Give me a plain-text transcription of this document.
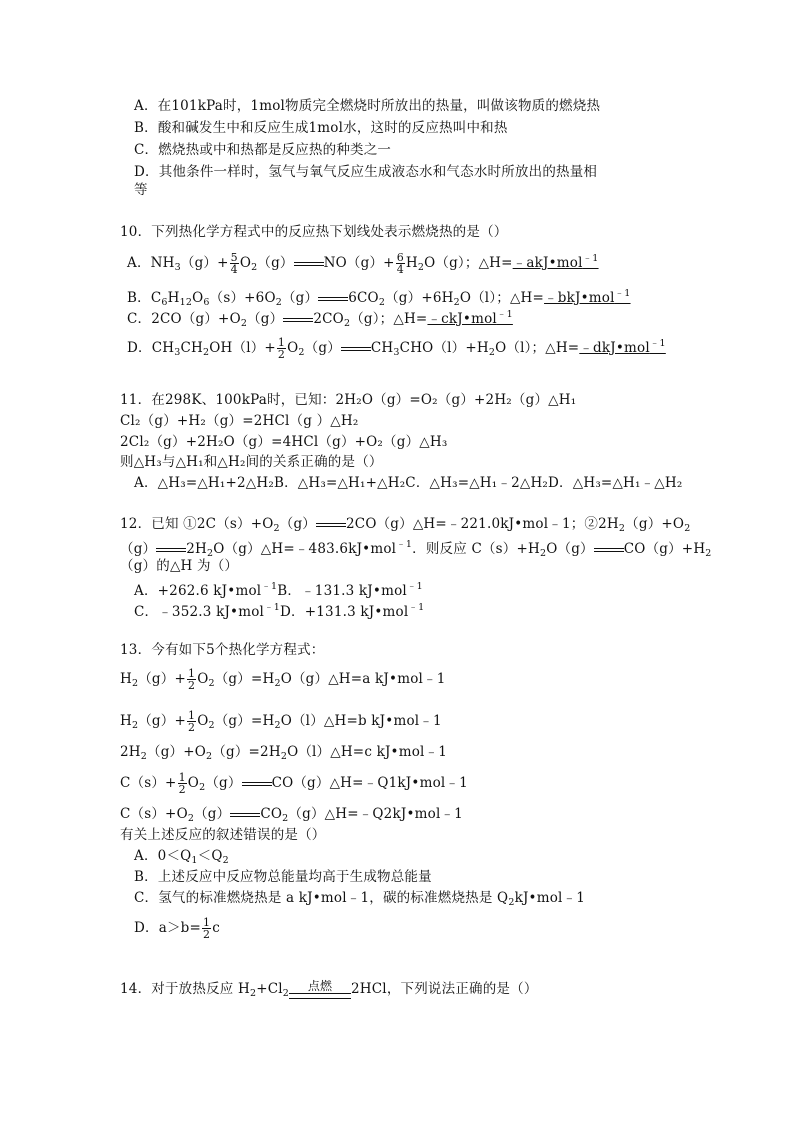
A．在101kPa时，1mol物质完全燃烧时所放出的热量，叫做该物质的燃烧热
B．酸和碱发生中和反应生成1mol水，这时的反应热叫中和热
C．燃烧热或中和热都是反应热的种类之一
D．其他条件一样时，氢气与氧气反应生成液态水和气态水时所放出的热量相
等
10．下列热化学方程式中的反应热下划线处表示燃烧热的是（）
A．$NH_3(g)+ \frac{5}{4} O_2(g)$ $NO(g)+ \frac{6}{4} H_2O(g)$；△H=﹣akJ•mol$^{﹣1}$
B．$C_6H_{12}O_6(s)+6O_2(g)$ $6CO_2(g)+6H_2O(l)$；△H=﹣bkJ•mol$^{﹣1}$
C．$2CO(g)+O_2(g)$ $2CO_2(g)$；△H=﹣ckJ•mol$^{﹣1}$
D．$CH_3CH_2OH(l)+ \frac{1}{2} O_2(g)$ $CH_3CHO(l)+H_2O(l)$；△H=﹣dkJ•mol$^{﹣1}$
11．在298K、100kPa时，已知：2H₂O（g）=O₂（g）+2H₂（g）△H₁
Cl₂（g）+H₂（g）=2HCl（g ）△H₂
2Cl₂（g）+2H₂O（g）=4HCl（g）+O₂（g）△H₃
则△H₃与△H₁和△H₂间的关系正确的是（）
A．△H₃=△H₁+2△H₂B．△H₃=△H₁+△H₂C．△H₃=△H₁﹣2△H₂D．△H₃=△H₁﹣△H₂
12．已知 $①2C(s)+O_2(g)$ 2CO（g）△H=﹣221.0kJ•mol﹣1；$②2H_2(g)+O_2$
（g） $2H_2O(g)\triangle H=﹣483.6kJ•mol^{﹣1}$．则反应 $C(s)+H_2O(g)$ $CO(g)+H_2$
（g）的△H 为（）
A．+262.6 kJ•mol$^{﹣1}$B．﹣131.3 kJ•mol$^{﹣1}$
C．﹣352.3 kJ•mol$^{﹣1}$D．+131.3 kJ•mol$^{﹣1}$
13．今有如下5个热化学方程式：
$H_2(g)+ \frac{1}{2}$ $O_2(g)=H_2O(g)\triangle H=a$ kJ•mol﹣1
$H_2(g)+ \frac{1}{2}$ $O_2(g)=H_2O(l)\triangle H=b$ kJ•mol﹣1
$2H_2(g)+O_2(g)=2H_2O(l)\triangle H=c$ kJ•mol﹣1
$C(s)+ \frac{1}{2} O_2(g)$ CO（g）△H=﹣Q1kJ•mol﹣1
$C(s)+O_2(g)$ $CO_2(g)\triangle H=﹣Q2kJ•mol﹣1$
有关上述反应的叙述错误的是（）
A．$0<Q_1<Q_2$
B．上述反应中反应物总能量均高于生成物总能量
C．氢气的标准燃烧热是 a kJ•mol﹣1，碳的标准燃烧热是 $Q_2kJ•mol﹣1$
D．$a>b= \frac{1}{2}$ c
14．对于放热反应 $H_2+Cl_2$
点燃	2HCl，下列说法正确的是（）
